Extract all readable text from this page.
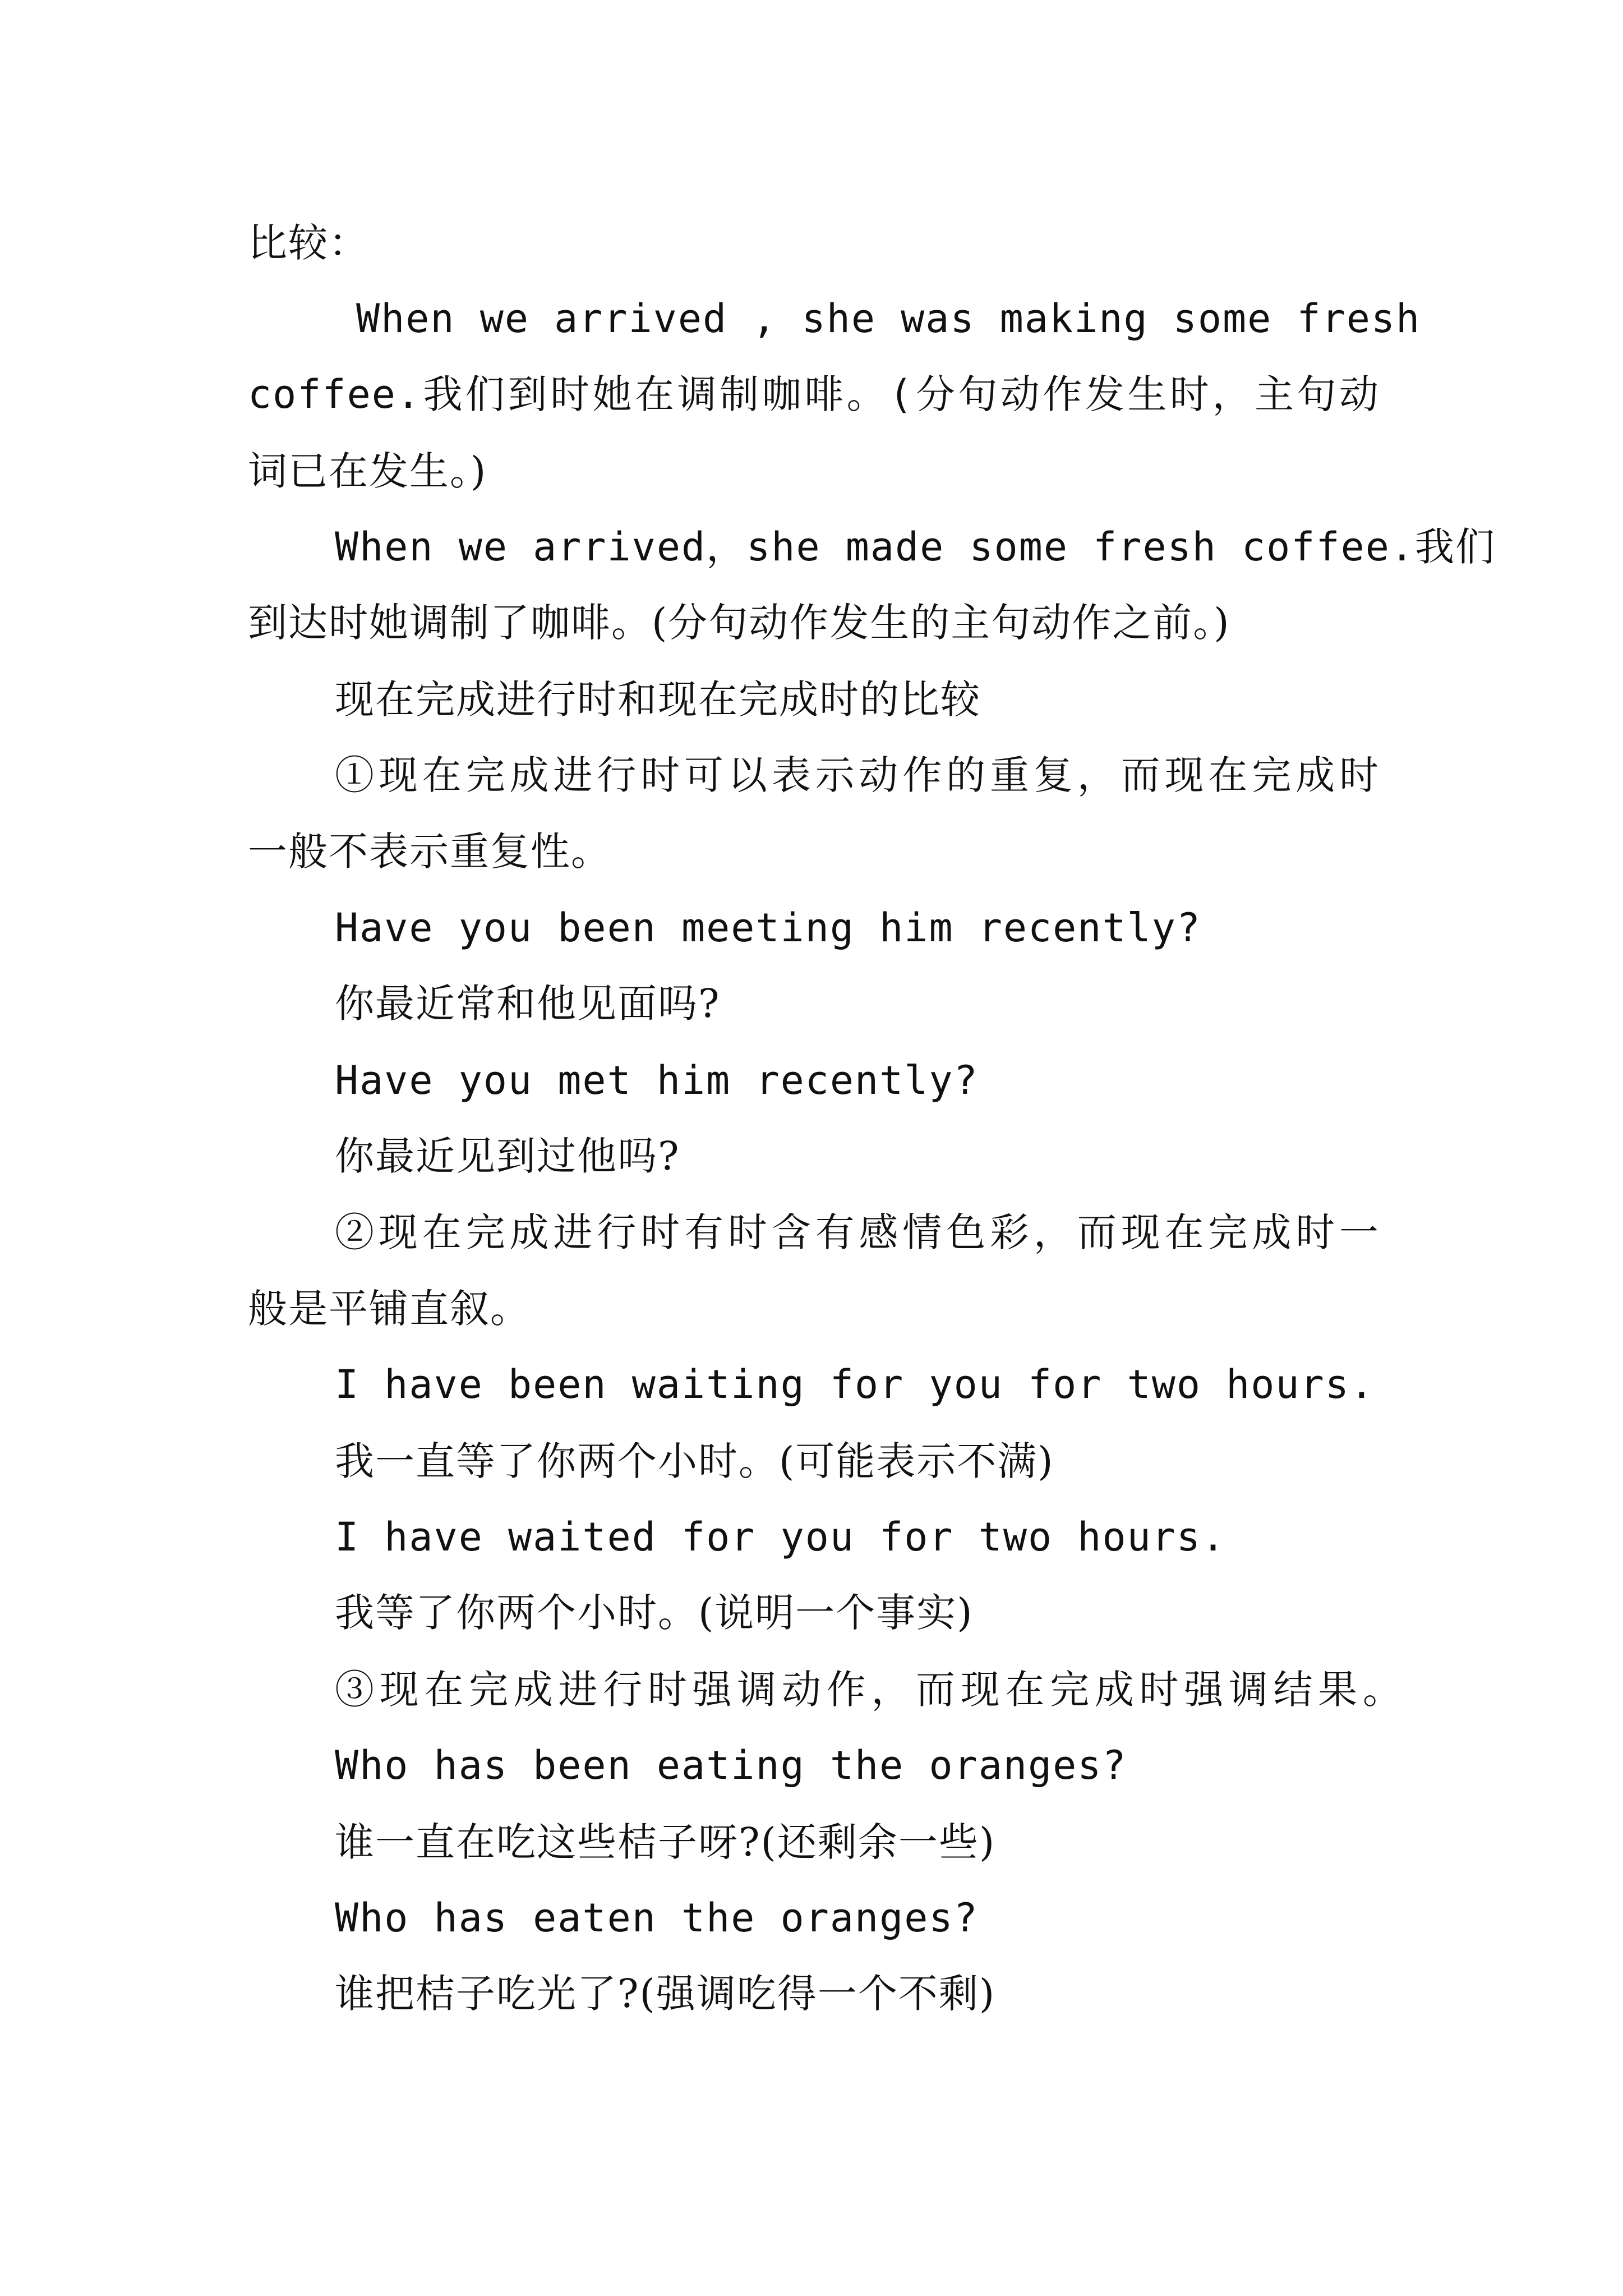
比较：

When we arrived , she was making some fresh

coffee.我们到时她在调制咖啡。(分句动作发生时，主句动

词已在发生。)

When we arrived，she made some fresh coffee.我们

到达时她调制了咖啡。(分句动作发生的主句动作之前。)

现在完成进行时和现在完成时的比较

①现在完成进行时可以表示动作的重复，而现在完成时

一般不表示重复性。

Have you been meeting him recently?

你最近常和他见面吗?

Have you met him recently?

你最近见到过他吗?

②现在完成进行时有时含有感情色彩，而现在完成时一

般是平铺直叙。

I have been waiting for you for two hours.

我一直等了你两个小时。(可能表示不满)

I have waited for you for two hours.

我等了你两个小时。(说明一个事实)

③现在完成进行时强调动作，而现在完成时强调结果。

Who has been eating the oranges?

谁一直在吃这些桔子呀?(还剩余一些)

Who has eaten the oranges?

谁把桔子吃光了?(强调吃得一个不剩)
